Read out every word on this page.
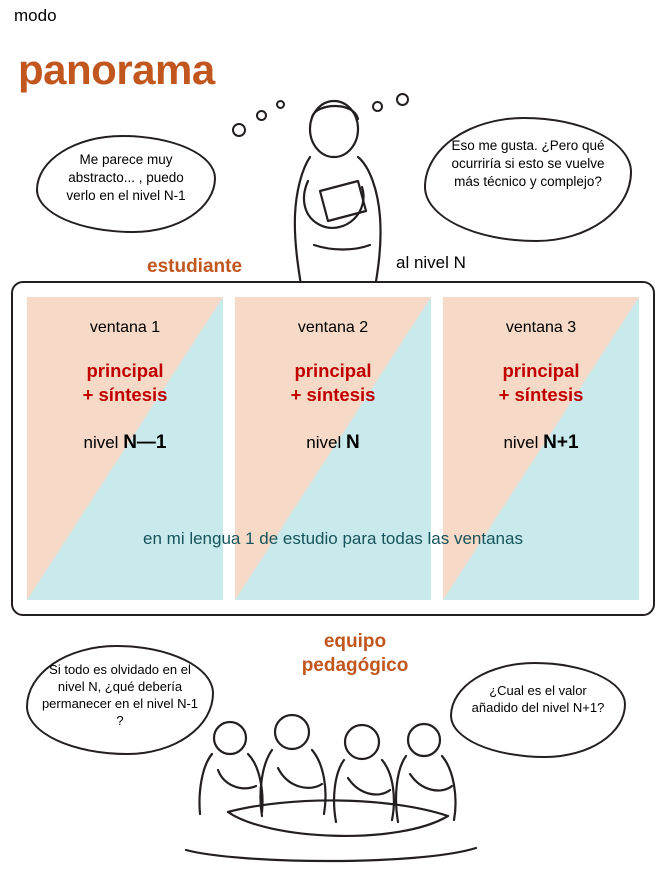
modo
panorama
Me parece muy abstracto... , puedo verlo en el nivel N-1
Eso me gusta. ¿Pero qué ocurriría si esto se vuelve más técnico y complejo?
estudiante	al nivel N
ventana 1
principal
+ síntesis
nivel N—1
ventana 2
principal
+ síntesis
nivel N
ventana 3
principal
+ síntesis
nivel N+1
en mi lengua 1 de estudio para todas las ventanas
equipo
pedagógico
Si todo es olvidado en el nivel N, ¿qué debería permanecer en el nivel N-1 ?
¿Cual es el valor añadido del nivel N+1?
